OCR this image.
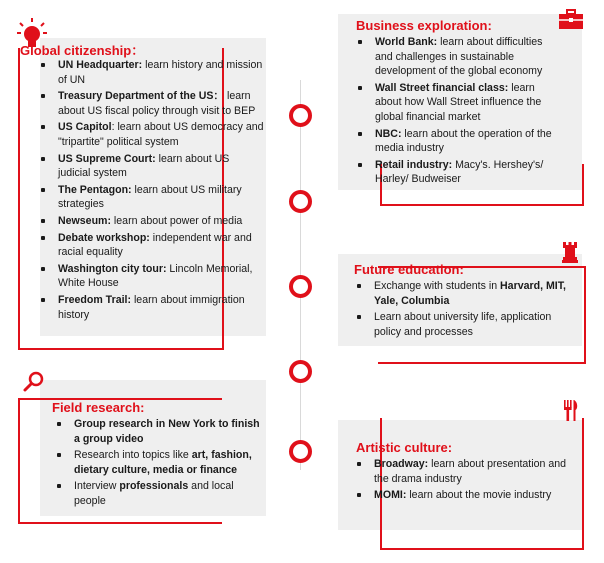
Global citizenship：
UN Headquarter: learn history and mission of UN
Treasury Department of the US： learn about US fiscal policy through visit to BEP
US Capitol: learn about US democracy and "tripartite" political system
US Supreme Court: learn about US judicial system
The Pentagon: learn about US military strategies
Newseum: learn about power of media
Debate workshop: independent war and racial equality
Washington city tour: Lincoln Memorial, White House
Freedom Trail: learn about immigration history
Business exploration:
World Bank: learn about difficulties and challenges in sustainable development of the global economy
Wall Street financial class: learn about how Wall Street influence the global financial market
NBC: learn about the operation of the media industry
Retail industry: Macy's. Hershey's/ Harley/ Budweiser
Future education:
Exchange with students in Harvard, MIT, Yale, Columbia
Learn about university life, application policy and processes
Field research:
Group research in New York to finish a group video
Research into topics like art, fashion, dietary culture, media or finance
Interview professionals and local people
Artistic culture:
Broadway: learn about presentation and the drama industry
MOMI: learn about the movie industry
